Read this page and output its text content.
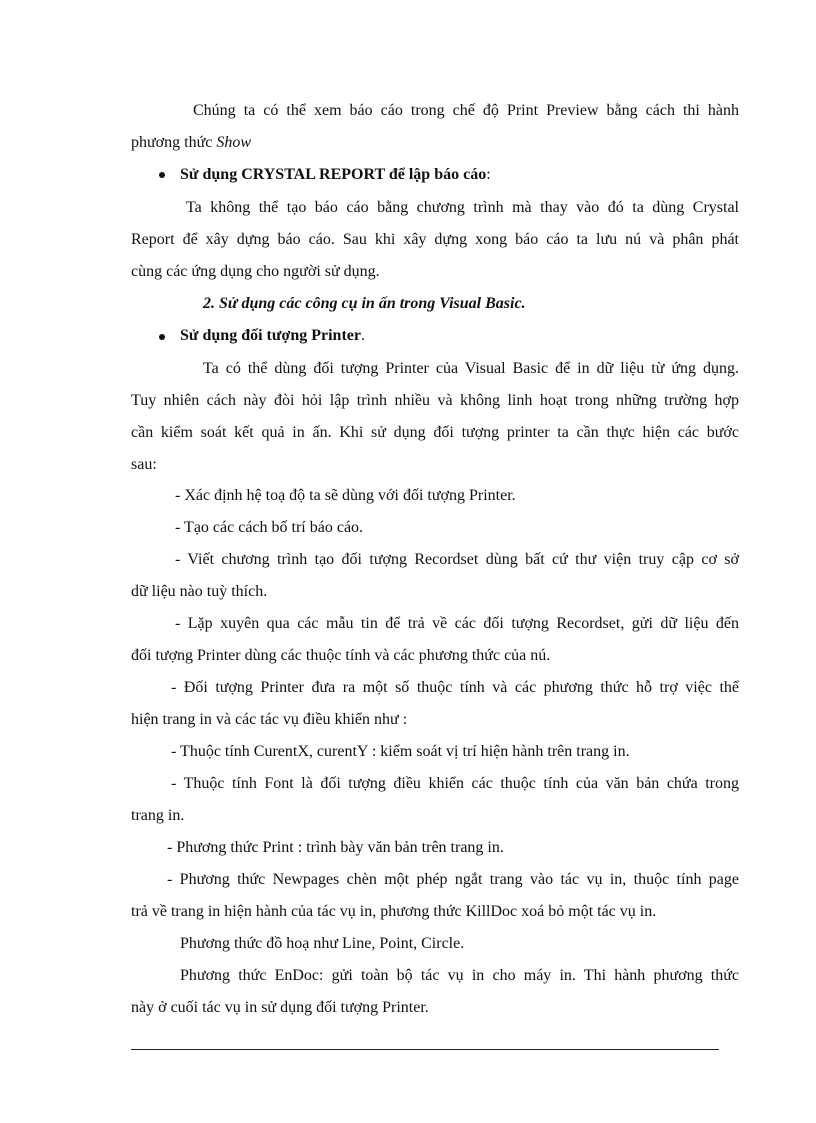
Chúng ta có thể xem báo cáo trong chế độ Print Preview bằng cách thi hành
phương thức Show
Sử dụng CRYSTAL REPORT để lập báo cáo:
Ta không thể tạo báo cáo bằng chương trình mà thay vào đó ta dùng Crystal
Report để xây dựng báo cáo. Sau khi xây dựng xong báo cáo ta lưu nú và phân phát
cùng các ứng dụng cho người sử dụng.
2. Sử dụng các công cụ in ấn trong Visual Basic.
Sử dụng đối tượng Printer.
Ta có thể dùng đối tượng Printer của Visual Basic để in dữ liệu từ ứng dụng.
Tuy nhiên cách này đòi hỏi lập trình nhiều và không linh hoạt trong những trường hợp
cần kiểm soát kết quả in ấn. Khi sử dụng đối tượng printer ta cần thực hiện các bước
sau:
- Xác định hệ toạ độ ta sẽ dùng với đối tượng Printer.
- Tạo các cách bố trí báo cáo.
- Viết chương trình tạo đối tượng Recordset dùng bất cứ thư viện truy cập cơ sở
dữ liệu nào tuỳ thích.
- Lặp xuyên qua các mẫu tin để trả về các đối tượng Recordset, gửi dữ liệu đến
đối tượng Printer dùng các thuộc tính và các phương thức của nú.
- Đối tượng Printer đưa ra một số thuộc tính và các phương thức hỗ trợ việc thể
hiện trang in và các tác vụ điều khiển như :
- Thuộc tính CurentX, curentY : kiểm soát vị trí hiện hành trên trang in.
- Thuộc tính Font là đối tượng điều khiển các thuộc tính của văn bản chứa trong
trang in.
- Phương thức Print : trình bày văn bản trên trang in.
- Phương thức Newpages chèn một phép ngắt trang vào tác vụ in, thuộc tính page
trả về trang in hiện hành của tác vụ in, phương thức KillDoc xoá bỏ một tác vụ in.
Phương thức đồ hoạ như Line, Point, Circle.
Phương thức EnDoc: gửi toàn bộ tác vụ in cho máy in. Thi hành phương thức
này ở cuối tác vụ in sử dụng đối tượng Printer.
